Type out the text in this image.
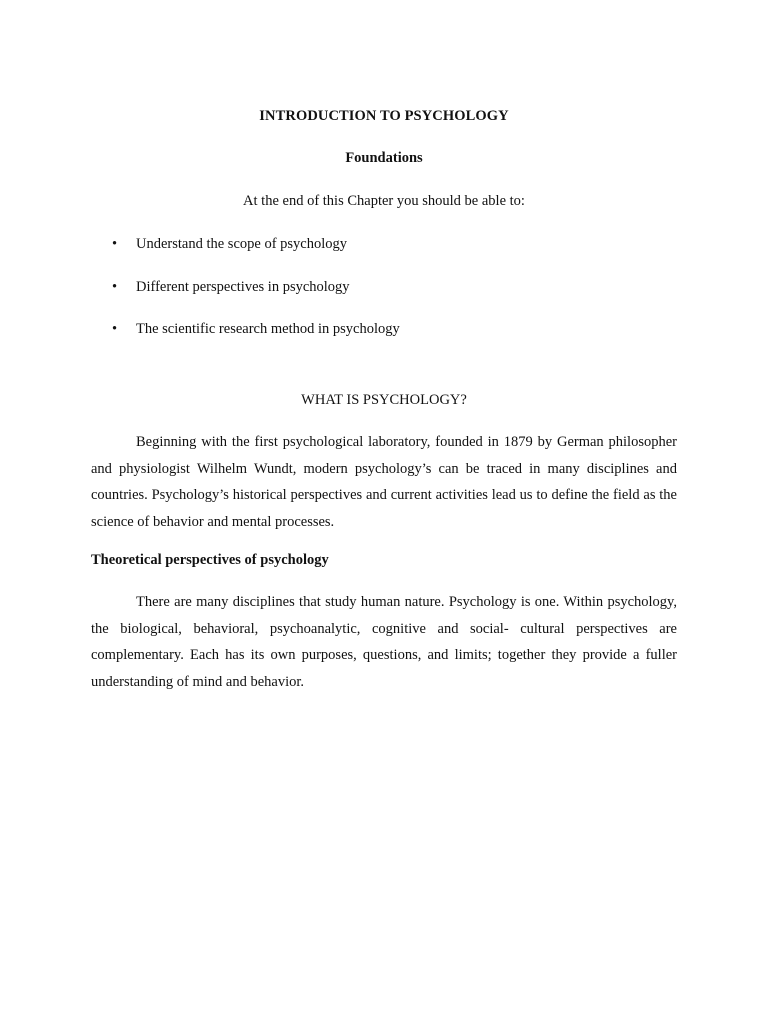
INTRODUCTION TO PSYCHOLOGY
Foundations
At the end of this Chapter you should be able to:
•	Understand the scope of psychology
•	Different perspectives in psychology
•	The scientific research method in psychology
WHAT IS PSYCHOLOGY?

Beginning with the first psychological laboratory, founded in 1879 by German philosopher and physiologist Wilhelm Wundt, modern psychology’s can be traced in many disciplines and countries. Psychology’s historical perspectives and current activities lead us to define the field as the science of behavior and mental processes.

Theoretical perspectives of psychology

There are many disciplines that study human nature. Psychology is one. Within psychology, the biological, behavioral, psychoanalytic, cognitive and social- cultural perspectives are complementary. Each has its own purposes, questions, and limits; together they provide a fuller understanding of mind and behavior.
